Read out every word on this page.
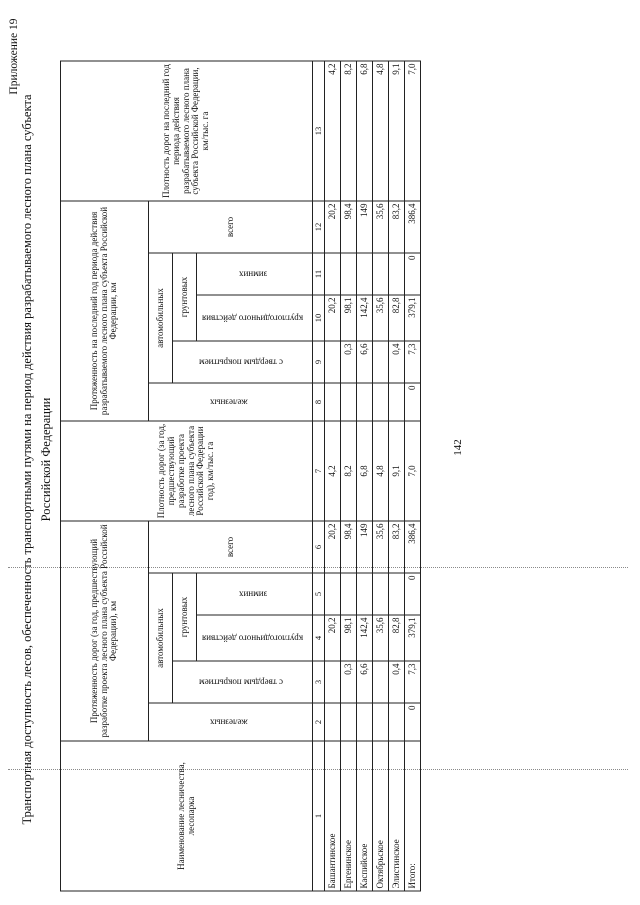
Приложение 19
Транспортная доступность лесов, обеспеченность транспортными путями на период действия разрабатываемого лесного плана субъекта Российской Федерации
Наименование лесничества, лесопарка	Протяженность дорог (за год, предшествующий разработке проекта лесного плана субъекта Российской Федерации), км					Плотность дорог (за год, предшествующий разработке проекта лесного плана субъекта Российской Федерации год), км/тыс. га	Протяженность на последний год периода действия разрабатываемого лесного плана субъекта Российской Федерации, км					Плотность дорог на последний год периода действия разрабатываемого лесного плана субъекта Российской Федерации, км/тыс. га
	железных	автомобильных			всего		железных	автомобильных			всего	
		с твердым покрытием	грунтовых					с твердым покрытием	грунтовых			
			круглогодичного действия	зимних					круглогодичного действия	зимних		
1	2	3	4	5	6	7	8	9	10	11	12	13
Башантинское			20,2		20,2	4,2			20,2		20,2	4,2
Ергенинское		0,3	98,1		98,4	8,2		0,3	98,1		98,4	8,2
Каспийское		6,6	142,4		149	6,8		6,6	142,4		149	6,8
Октябрьское			35,6		35,6	4,8			35,6		35,6	4,8
Элистинское		0,4	82,8		83,2	9,1		0,4	82,8		83,2	9,1
Итого:	0	7,3	379,1	0	386,4	7,0	0	7,3	379,1	0	386,4	7,0
142
